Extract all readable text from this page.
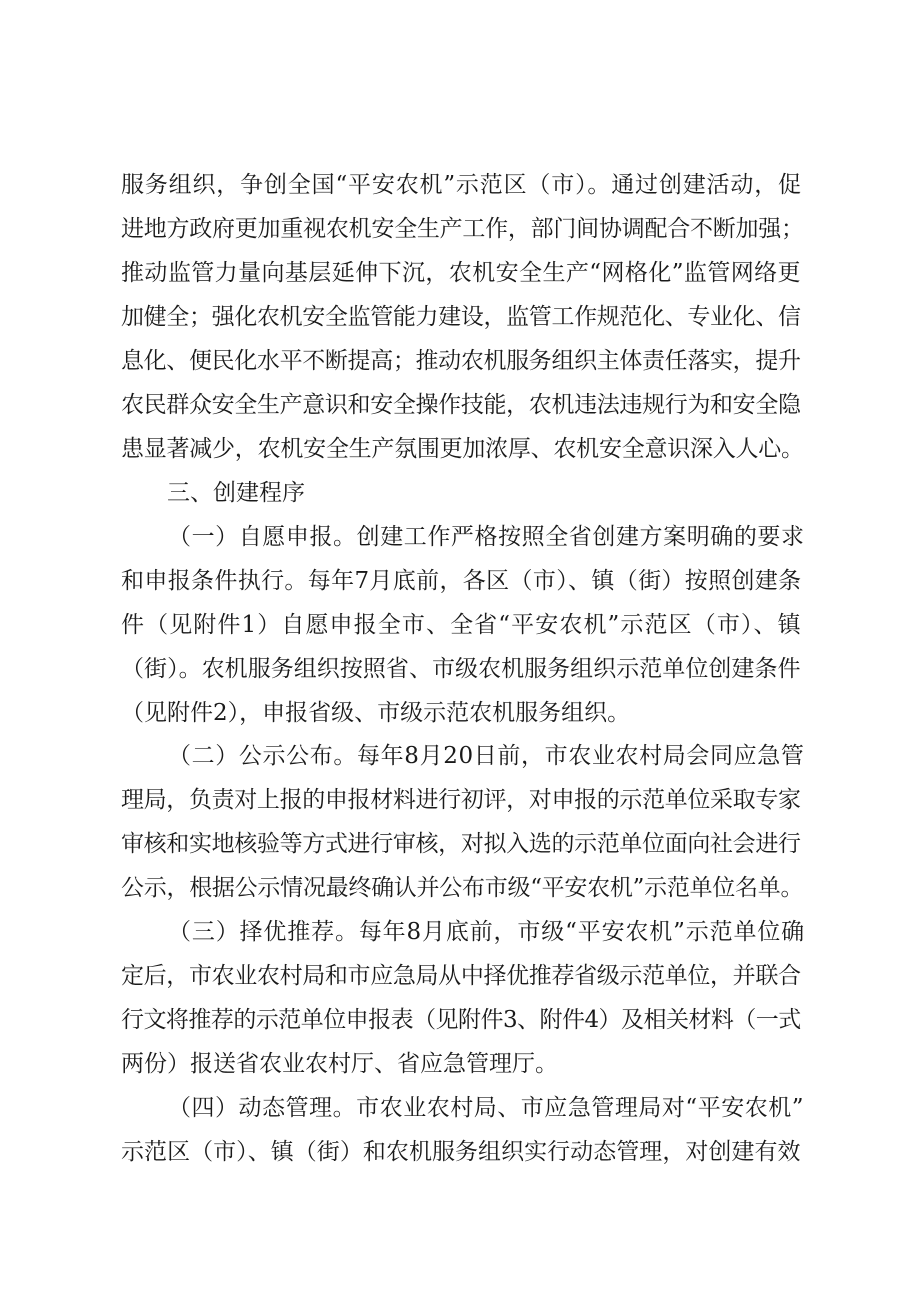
服务组织，争创全国“平安农机”示范区（市）。通过创建活动，促
进地方政府更加重视农机安全生产工作，部门间协调配合不断加强；
推动监管力量向基层延伸下沉，农机安全生产“网格化”监管网络更
加健全；强化农机安全监管能力建设，监管工作规范化、专业化、信
息化、便民化水平不断提高；推动农机服务组织主体责任落实，提升
农民群众安全生产意识和安全操作技能，农机违法违规行为和安全隐
患显著减少，农机安全生产氛围更加浓厚、农机安全意识深入人心。
三、创建程序
（一）自愿申报。创建工作严格按照全省创建方案明确的要求
和申报条件执行。每年7月底前，各区（市）、镇（街）按照创建条
件（见附件1）自愿申报全市、全省“平安农机”示范区（市）、镇
（街）。农机服务组织按照省、市级农机服务组织示范单位创建条件
（见附件2），申报省级、市级示范农机服务组织。
（二）公示公布。每年8月20日前，市农业农村局会同应急管
理局，负责对上报的申报材料进行初评，对申报的示范单位采取专家
审核和实地核验等方式进行审核，对拟入选的示范单位面向社会进行
公示，根据公示情况最终确认并公布市级“平安农机”示范单位名单。
（三）择优推荐。每年8月底前，市级“平安农机”示范单位确
定后，市农业农村局和市应急局从中择优推荐省级示范单位，并联合
行文将推荐的示范单位申报表（见附件3、附件4）及相关材料（一式
两份）报送省农业农村厅、省应急管理厅。
（四）动态管理。市农业农村局、市应急管理局对“平安农机”
示范区（市）、镇（街）和农机服务组织实行动态管理，对创建有效
